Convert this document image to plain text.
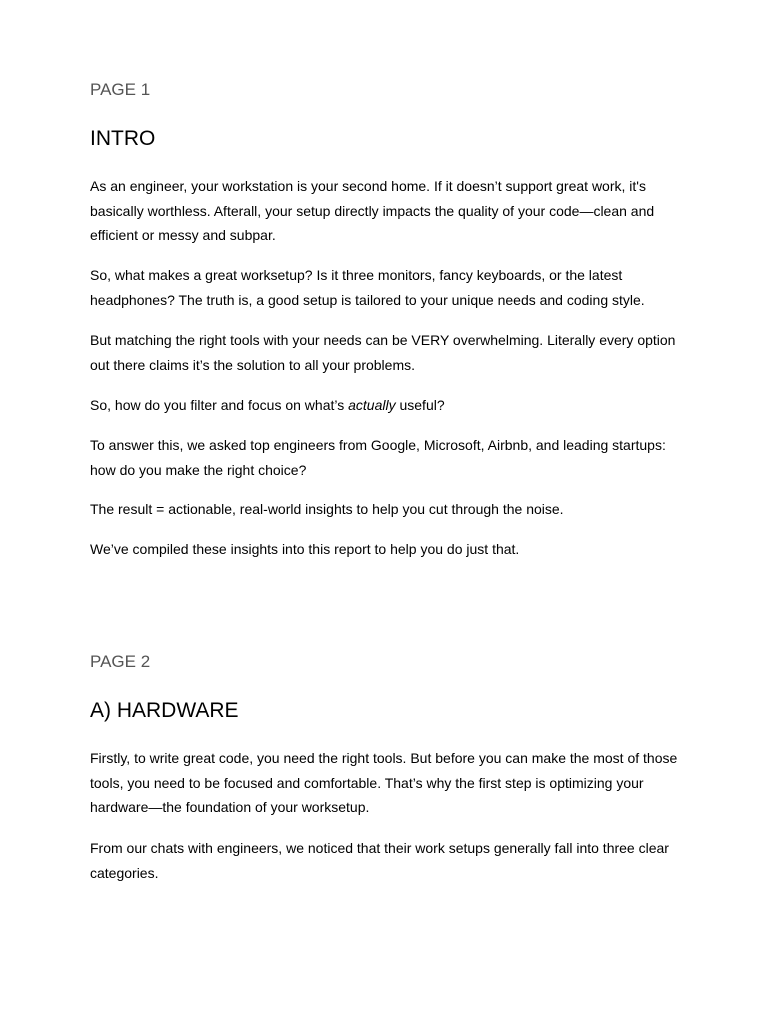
PAGE 1

INTRO

As an engineer, your workstation is your second home. If it doesn’t support great work, it's basically worthless. Afterall, your setup directly impacts the quality of your code—clean and efficient or messy and subpar.

So, what makes a great worksetup? Is it three monitors, fancy keyboards, or the latest headphones? The truth is, a good setup is tailored to your unique needs and coding style.

But matching the right tools with your needs can be VERY overwhelming. Literally every option out there claims it’s the solution to all your problems.

So, how do you filter and focus on what’s actually useful?

To answer this, we asked top engineers from Google, Microsoft, Airbnb, and leading startups: how do you make the right choice?

The result = actionable, real-world insights to help you cut through the noise.

We’ve compiled these insights into this report to help you do just that.

PAGE 2

A) HARDWARE

Firstly, to write great code, you need the right tools. But before you can make the most of those tools, you need to be focused and comfortable. That’s why the first step is optimizing your hardware—the foundation of your worksetup.

From our chats with engineers, we noticed that their work setups generally fall into three clear categories.
